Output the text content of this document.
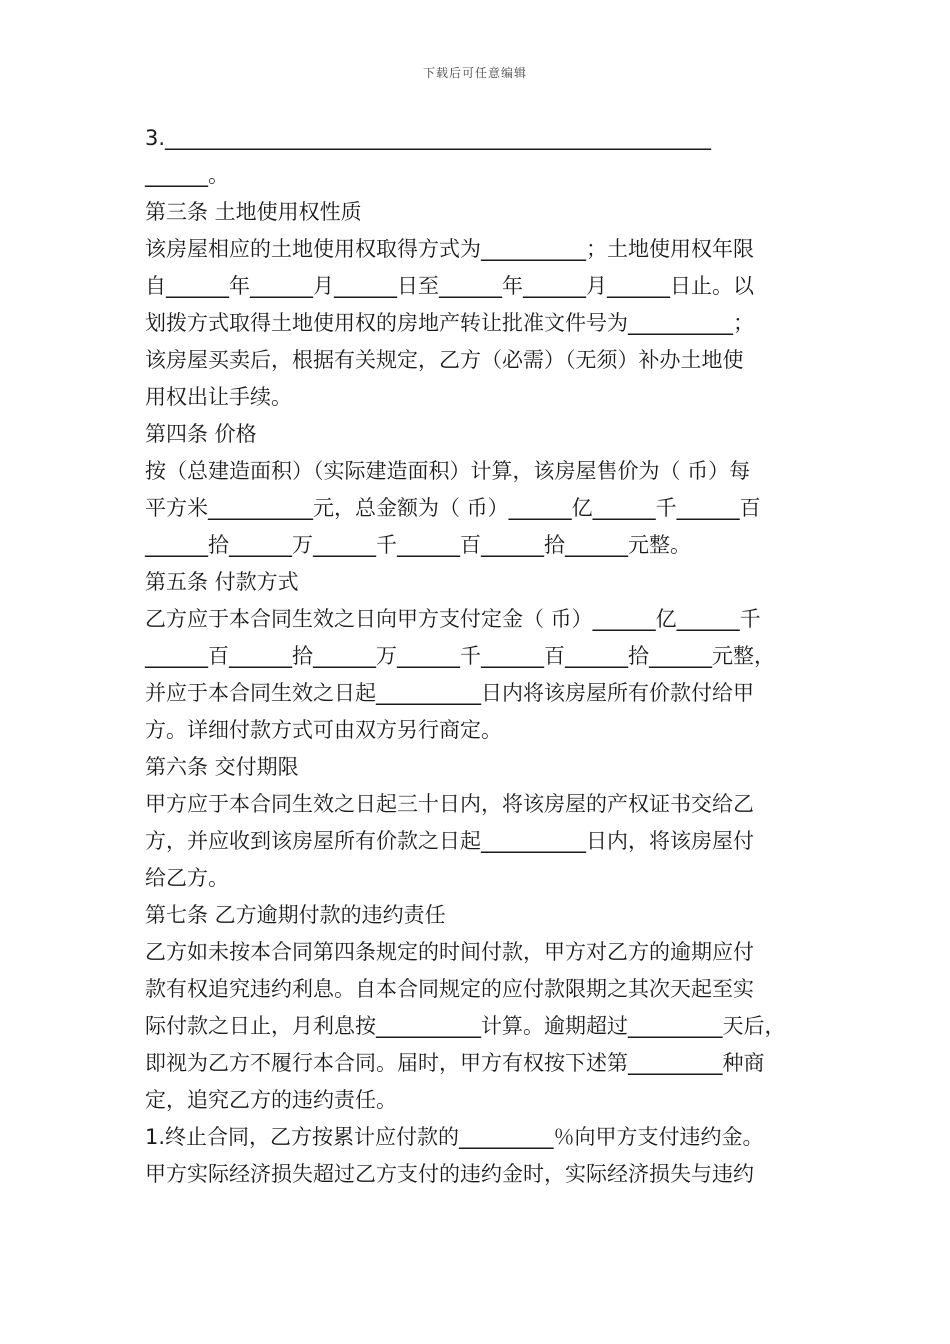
下载后可任意编辑
3.____________________________________________________
______。
第三条 土地使用权性质
该房屋相应的土地使用权取得方式为__________；土地使用权年限
自______年______月______日至______年______月______日止。以
划拨方式取得土地使用权的房地产转让批准文件号为__________；
该房屋买卖后，根据有关规定，乙方（必需）（无须）补办土地使
用权出让手续。
第四条 价格
按（总建造面积）（实际建造面积）计算，该房屋售价为（ 币）每
平方米__________元，总金额为（ 币）______亿______千______百
______拾______万______千______百______拾______元整。
第五条 付款方式
乙方应于本合同生效之日向甲方支付定金（ 币）______亿______千
______百______拾______万______千______百______拾______元整，
并应于本合同生效之日起__________日内将该房屋所有价款付给甲
方。详细付款方式可由双方另行商定。
第六条 交付期限
甲方应于本合同生效之日起三十日内，将该房屋的产权证书交给乙
方，并应收到该房屋所有价款之日起__________日内，将该房屋付
给乙方。
第七条 乙方逾期付款的违约责任
乙方如未按本合同第四条规定的时间付款，甲方对乙方的逾期应付
款有权追究违约利息。自本合同规定的应付款限期之其次天起至实
际付款之日止，月利息按__________计算。逾期超过_________天后，
即视为乙方不履行本合同。届时，甲方有权按下述第_________种商
定，追究乙方的违约责任。
1.终止合同，乙方按累计应付款的_________％向甲方支付违约金。
甲方实际经济损失超过乙方支付的违约金时，实际经济损失与违约
